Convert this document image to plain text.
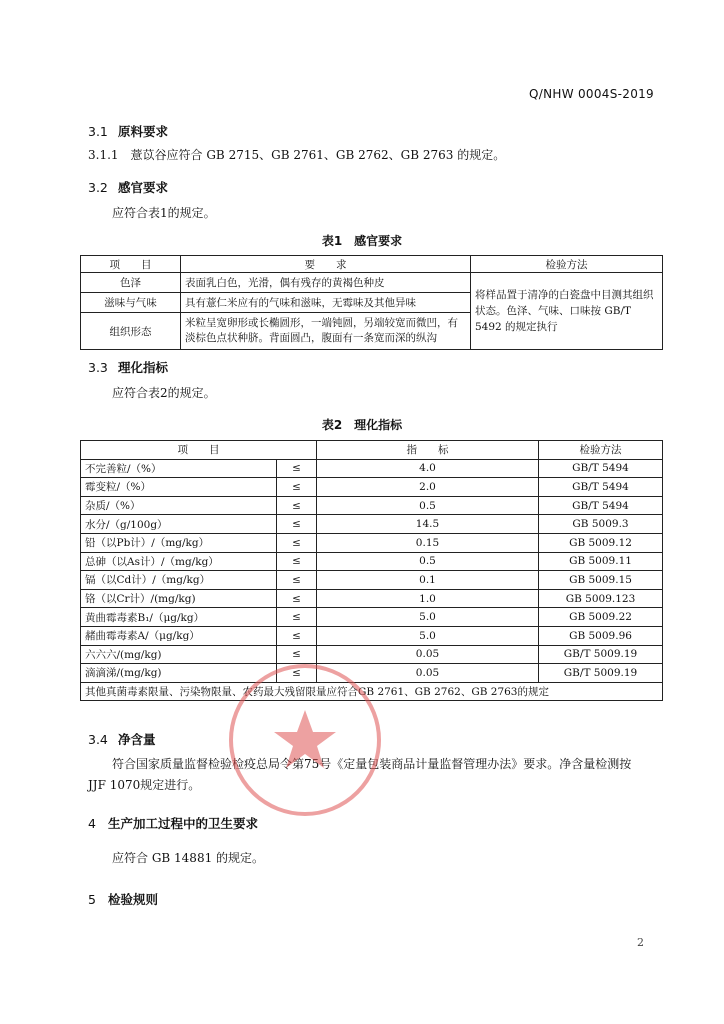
Q/NHW 0004S-2019
3.1 原料要求
3.1.1　薏苡谷应符合 GB 2715、GB 2761、GB 2762、GB 2763 的规定。
3.2 感官要求
应符合表1的规定。
表1　感官要求
项　　目	要　　求	检验方法
色泽	表面乳白色，光滑，偶有残存的黄褐色种皮	将样品置于清净的白瓷盘中目测其组织状态。色泽、气味、口味按 GB/T 5492 的规定执行
滋味与气味	具有薏仁米应有的气味和滋味，无霉味及其他异味	
组织形态	米粒呈宽卵形或长椭圆形，一端钝圆，另端较宽而微凹，有淡棕色点状种脐。背面圆凸，腹面有一条宽而深的纵沟	
3.3 理化指标
应符合表2的规定。
表2　理化指标
项　　目		指　　标	检验方法
不完善粒/（%）	≤	4.0	GB/T 5494
霉变粒/（%）	≤	2.0	GB/T 5494
杂质/（%）	≤	0.5	GB/T 5494
水分/（g/100g）	≤	14.5	GB 5009.3
铅（以Pb计）/（mg/kg）	≤	0.15	GB 5009.12
总砷（以As计）/（mg/kg）	≤	0.5	GB 5009.11
镉（以Cd计）/（mg/kg）	≤	0.1	GB 5009.15
铬（以Cr计）/(mg/kg)	≤	1.0	GB 5009.123
黄曲霉毒素B₁/（μg/kg）	≤	5.0	GB 5009.22
赭曲霉毒素A/（μg/kg）	≤	5.0	GB 5009.96
六六六/(mg/kg)	≤	0.05	GB/T 5009.19
滴滴涕/(mg/kg)	≤	0.05	GB/T 5009.19
其他真菌毒素限量、污染物限量、农药最大残留限量应符合GB 2761、GB 2762、GB 2763的规定			
3.4 净含量
符合国家质量监督检验检疫总局令第75号《定量包装商品计量监督管理办法》要求。净含量检测按
JJF 1070规定进行。
4 生产加工过程中的卫生要求
应符合 GB 14881 的规定。
5 检验规则
2
